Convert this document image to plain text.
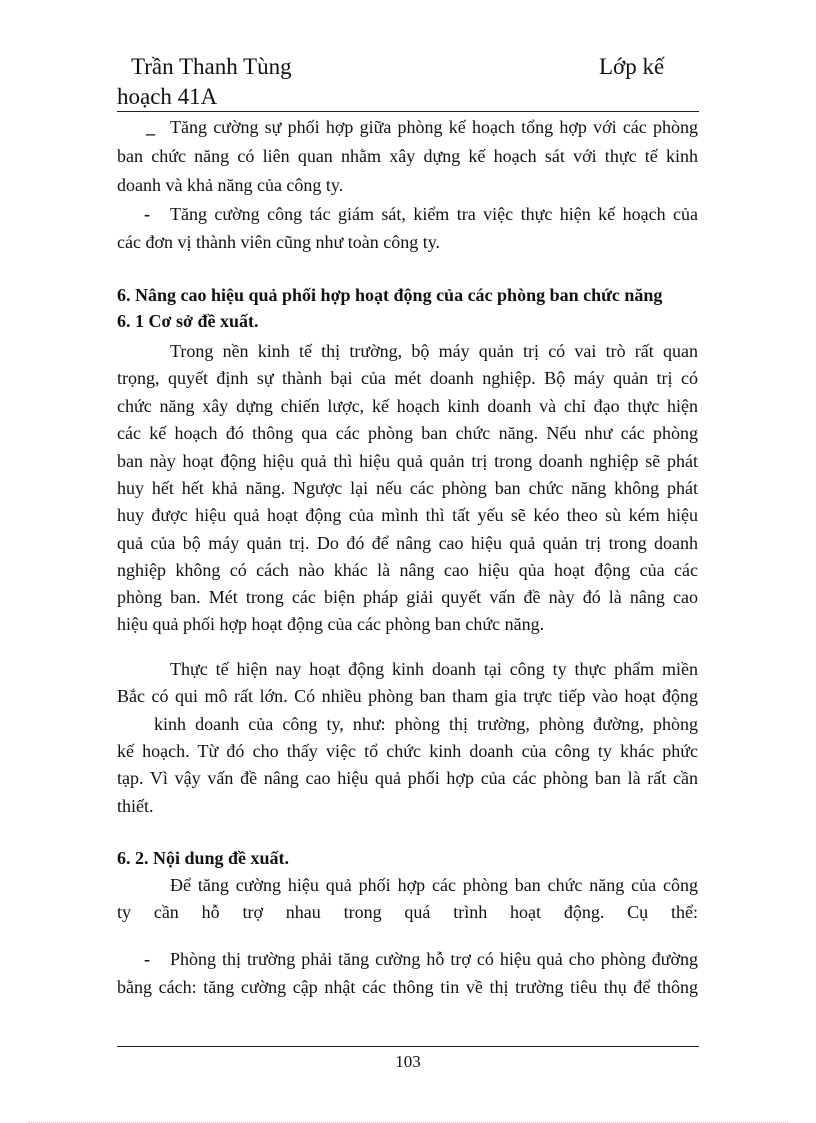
Trần Thanh Tùng	Lớp kế
hoạch 41A
_ Tăng cường sự phối hợp giữa phòng kế hoạch tổng hợp với các phòng
ban chức năng có liên quan nhằm xây dựng kế hoạch sát với thực tế kinh
doanh và khả năng của công ty.
- Tăng cường công tác giám sát, kiểm tra việc thực hiện kế hoạch của
các đơn vị thành viên cũng như toàn công ty.
6. Nâng cao hiệu quả phối hợp hoạt động của các phòng ban chức năng
6. 1 Cơ sở đề xuất.
Trong nền kinh tế thị trường, bộ máy quản trị có vai trò rất quan
trọng, quyết định sự thành bại của mét doanh nghiệp. Bộ máy quản trị có
chức năng xây dựng chiến lược, kế hoạch kinh doanh và chỉ đạo thực hiện
các kế hoạch đó thông qua các phòng ban chức năng. Nếu như các phòng
ban này hoạt động hiệu quả thì hiệu quả quản trị trong doanh nghiệp sẽ phát
huy hết hết khả năng. Ngược lại nếu các phòng ban chức năng không phát
huy được hiệu quả hoạt động của mình thì tất yếu sẽ kéo theo sù kém hiệu
quả của bộ máy quản trị. Do đó để nâng cao hiệu quả quản trị trong doanh
nghiệp không có cách nào khác là nâng cao hiệu qủa hoạt động của các
phòng ban. Mét trong các biện pháp giải quyết vấn đề này đó là nâng cao
hiệu quả phối hợp hoạt động của các phòng ban chức năng.
Thực tế hiện nay hoạt động kinh doanh tại công ty thực phẩm miền
Bắc có qui mô rất lớn. Có nhiều phòng ban tham gia trực tiếp vào hoạt động
kinh doanh của công ty, như: phòng thị trường, phòng đường, phòng
kế hoạch. Từ đó cho thấy việc tổ chức kinh doanh của công ty khác phức
tạp. Vì vậy vấn đề nâng cao hiệu quả phối hợp của các phòng ban là rất cần
thiết.
6. 2. Nội dung đề xuất.
Để tăng cường hiệu quả phối hợp các phòng ban chức năng của công
ty cần hỗ trợ nhau trong quá trình hoạt động. Cụ thể:
- Phòng thị trường phải tăng cường hỗ trợ có hiệu quả cho phòng đường
bằng cách: tăng cường cập nhật các thông tin về thị trường tiêu thụ để thông
103
